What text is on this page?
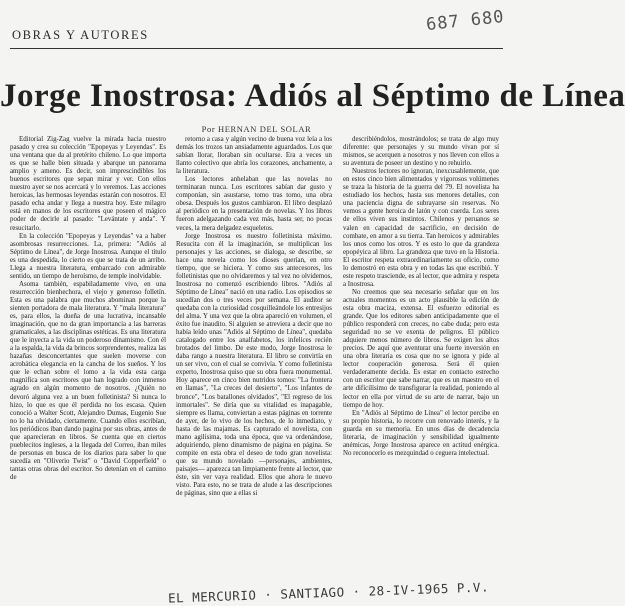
OBRAS Y AUTORES	687 680
Jorge Inostrosa: Adiós al Séptimo de Línea
Por HERNAN DEL SOLAR

Editorial Zig-Zag vuelve la mirada hacia nuestro pasado y crea su colección "Epopeyas y Leyendas". Es una ventana que da al pretérito chileno. Lo que importa es que se halle bien situada y abarque un panorama amplio y ameno. Es decir, son imprescindibles los buenos escritores que sepan mirar y ver. Con ellos nuestro ayer se nos acercará y lo veremos. Las acciones heroicas, las hermosas leyendas estarán con nosotros. El pasado echa andar y llega a nuestra hoy. Este milagro está en manos de los escritores que poseen el mágico poder de decirle al pasado: "Levántate y anda". Y resucitarlo.

En la colección "Epopeyas y Leyendas" va a haber asombrosas resurrecciones. La, primera: "Adiós al Séptimo de Línea", de Jorge Inostrosa. Aunque el título es una despedida, lo cierto es que se trata de un arribo. Llega a nuestra literatura, embarcado con admirable sentido, un tiempo de heroísmo, de temple inolvidable.

Asoma también, espabiladamente vivo, en una resurrección bienhechora, el viejo y generoso folletín. Esta es una palabra que muchos abominan porque la sienten portadora de mala literatura. Y "mala literatura" es, para ellos, la dueña de una lucrativa, incansable imaginación, que no da gran importancia a las barreras gramaticales, a las disciplinas estéticas. Es una literatura que le inyecta a la vida un poderoso dinamismo. Con él a la espalda, la vida da brincos sorprendentes, realiza las hazañas desconcertantes que suelen moverse con acrobática elegancia en la cancha de los sueños. Y los que le echan sobre el lomo a la vida esta carga magnífica son escritores que han logrado con inmenso agrado en algún momento de nosotros. ¿Quién no devoró alguna vez a un buen folletinista? Si nunca lo hizo, lo que es que él perdida no los escasa. Quien conoció a Walter Scott, Alejandro Dumas, Eugenio Sue no lo ha olvidado, ciertamente. Cuando ellos escribían, los periódicos iban dando pagina por sus obras, antes de que aparecieran en libros. Se cuenta que en ciertos pueblecitos ingleses, a la llegada del Correo, iban miles de personas en busca de los diarios para saber lo que sucedía en "Oliverio Twist" o "David Copperfield" o tantas otras obras del escritor. So detenían en el camino de

retorno a casa y algún vecino de buena voz leía a los demás los trozos tan ansiadamente aguardados. Los que sabían llorar, lloraban sin ocultarse. Era a veces un llanto colectivo que abría los corazones, anchamente, a la literatura.

Los lectores anhelaban que las novelas no terminaran nunca. Los escritores sabían dar gusto y componían, sin asustarse, tomo tras tomo, una obra obesa. Después los gustos cambiaron. El libro desplazó al periódico en la presentación de novelas. Y los libros fueron adelgazando cada vez más, hasta ser, no pocas veces, la mera delgadez esqueletos.

Jorge Inostrosa es nuestro folletinista máximo. Resucita con él la imaginación, se multiplican los personajes y las acciones, se dialoga, se describe, se hace una novela como los dioses querían, en otro tiempo, que se hiciera. Y como sus antecesores, los folletinistas que no olvidaremos y tal vez no olvidemos, Inostrosa no comenzó escribiendo libros. "Adiós al Séptimo de Línea" nació en una radio. Los episodios se sucedían dos o tres veces por semana. El auditor se quedaba con la curiosidad cosquilleándole los entresijos del alma. Y una vez que la obra apareció en volumen, el éxito fue inaudito. Si alguien se atreviera a decir que no había leído unas "Adiós al Séptimo de Línea", quedaba catalogado entre los analfabetos, los infelices recién brotados del limbo. De este modo, Jorge Inostrosa le daba rango a nuestra literatura. El libro se convirtía en un ser vivo, con el cual se convivía. Y como folletinista experto, Inostrosa quiso que su obra fuera monumental. Hoy aparece en cinco bien nutridos tomos: "La frontera en llamas", "La creces del desierto", "Los infantes de bronce", "Los batallones olvidados", "El regreso de los inmortales". Se diría que su vitalidad es inapagable, siempre es llama, conviertan a estas páginas en torrente de ayer, de lo vivo de los hechos, de lo inmediato, y hasta de las majamas. Es capturado el novelista, con mano agilísima, toda una época, que va ordenándose, adquiriendo, pleno dinamismo de página en página. Se compite en esta obra el deseo de todo gran novelista: que su mundo novelado —personajes, ambientes, paisajes— aparezca tan limpiamente frente al lector, que éste, sin ver vaya realidad. Ellos que ahora le nuevo visto. Para esto, no se trata de alude a las descripciones de páginas, sino que a ellas si

describiéndolos, mostrándolos; se trata de algo muy diferente: que personajes y su mundo vivan por sí mismos, se acerquen a nosotros y nos lleven con ellos a su aventura de poseer un destino y no rehuirlo.

Nuestros lectores no ignoran, inexcusablemente, que en estos cinco bien alimentados y vigorosos volúmenes se traza la historia de la guerra del 79. El novelista ha estudiado los hechos, hasta sus menores detalles, con una paciencia digna de subrayarse sin reservas. No vemos a gente heroica de latón y con cuerda. Los seres de ellos viven sus instintos. Chilenos y peruanos se valen en capacidad de sacrificio, en decisión de combate, en amor a su tierra. Tan heroicos y admirables los unos como los otros. Y es esto lo que da grandeza epopéyica al libro. La grandeza que tuvo en la Historia. El escritor respeta extraordinariamente su oficio, como lo demostró en esta obra y en todas las que escribió. Y este respeto trasciende, es al lector, que admira y respeta a Inostrosa.

No creemos que sea necesario señalar que en los actuales momentos es un acto plausible la edición de esta obra maciza, extensa. El esfuerzo editorial es grande. Que los editores saben anticipadamente que el público responderá con creces, no cabe duda; pero esta seguridad no se ve exenta de peligros. El público adquiere menos número de libros. Se exigen los altos precios. De aquí que aventurar una fuerte inversión en una obra literaria es cosa que no se ignora y pide al lector cooperación generosa. Será él quien verdaderamente decida. Es estar en contacto estrecho con un escritor que sabe narrar, que es un maestro en el arte difícilísimo de transfigurar la realidad, poniendo al lector en ella por virtud de su arte de narrar, bajo un tiempo de hoy.

En "Adiós al Séptimo de Línea" el lector percibe en su propio historia, lo recorre con renovado interés, y la guarda en su memoria. En unos días de decadencia literaria, de imaginación y sensibilidad igualmente anémicas, Jorge Inostrosa aparece en actitud enérgica. No reconocerlo es mezquindad o ceguera intelectual.

EL MERCURIO · SANTIAGO · 28-IV-1965 P.V.
